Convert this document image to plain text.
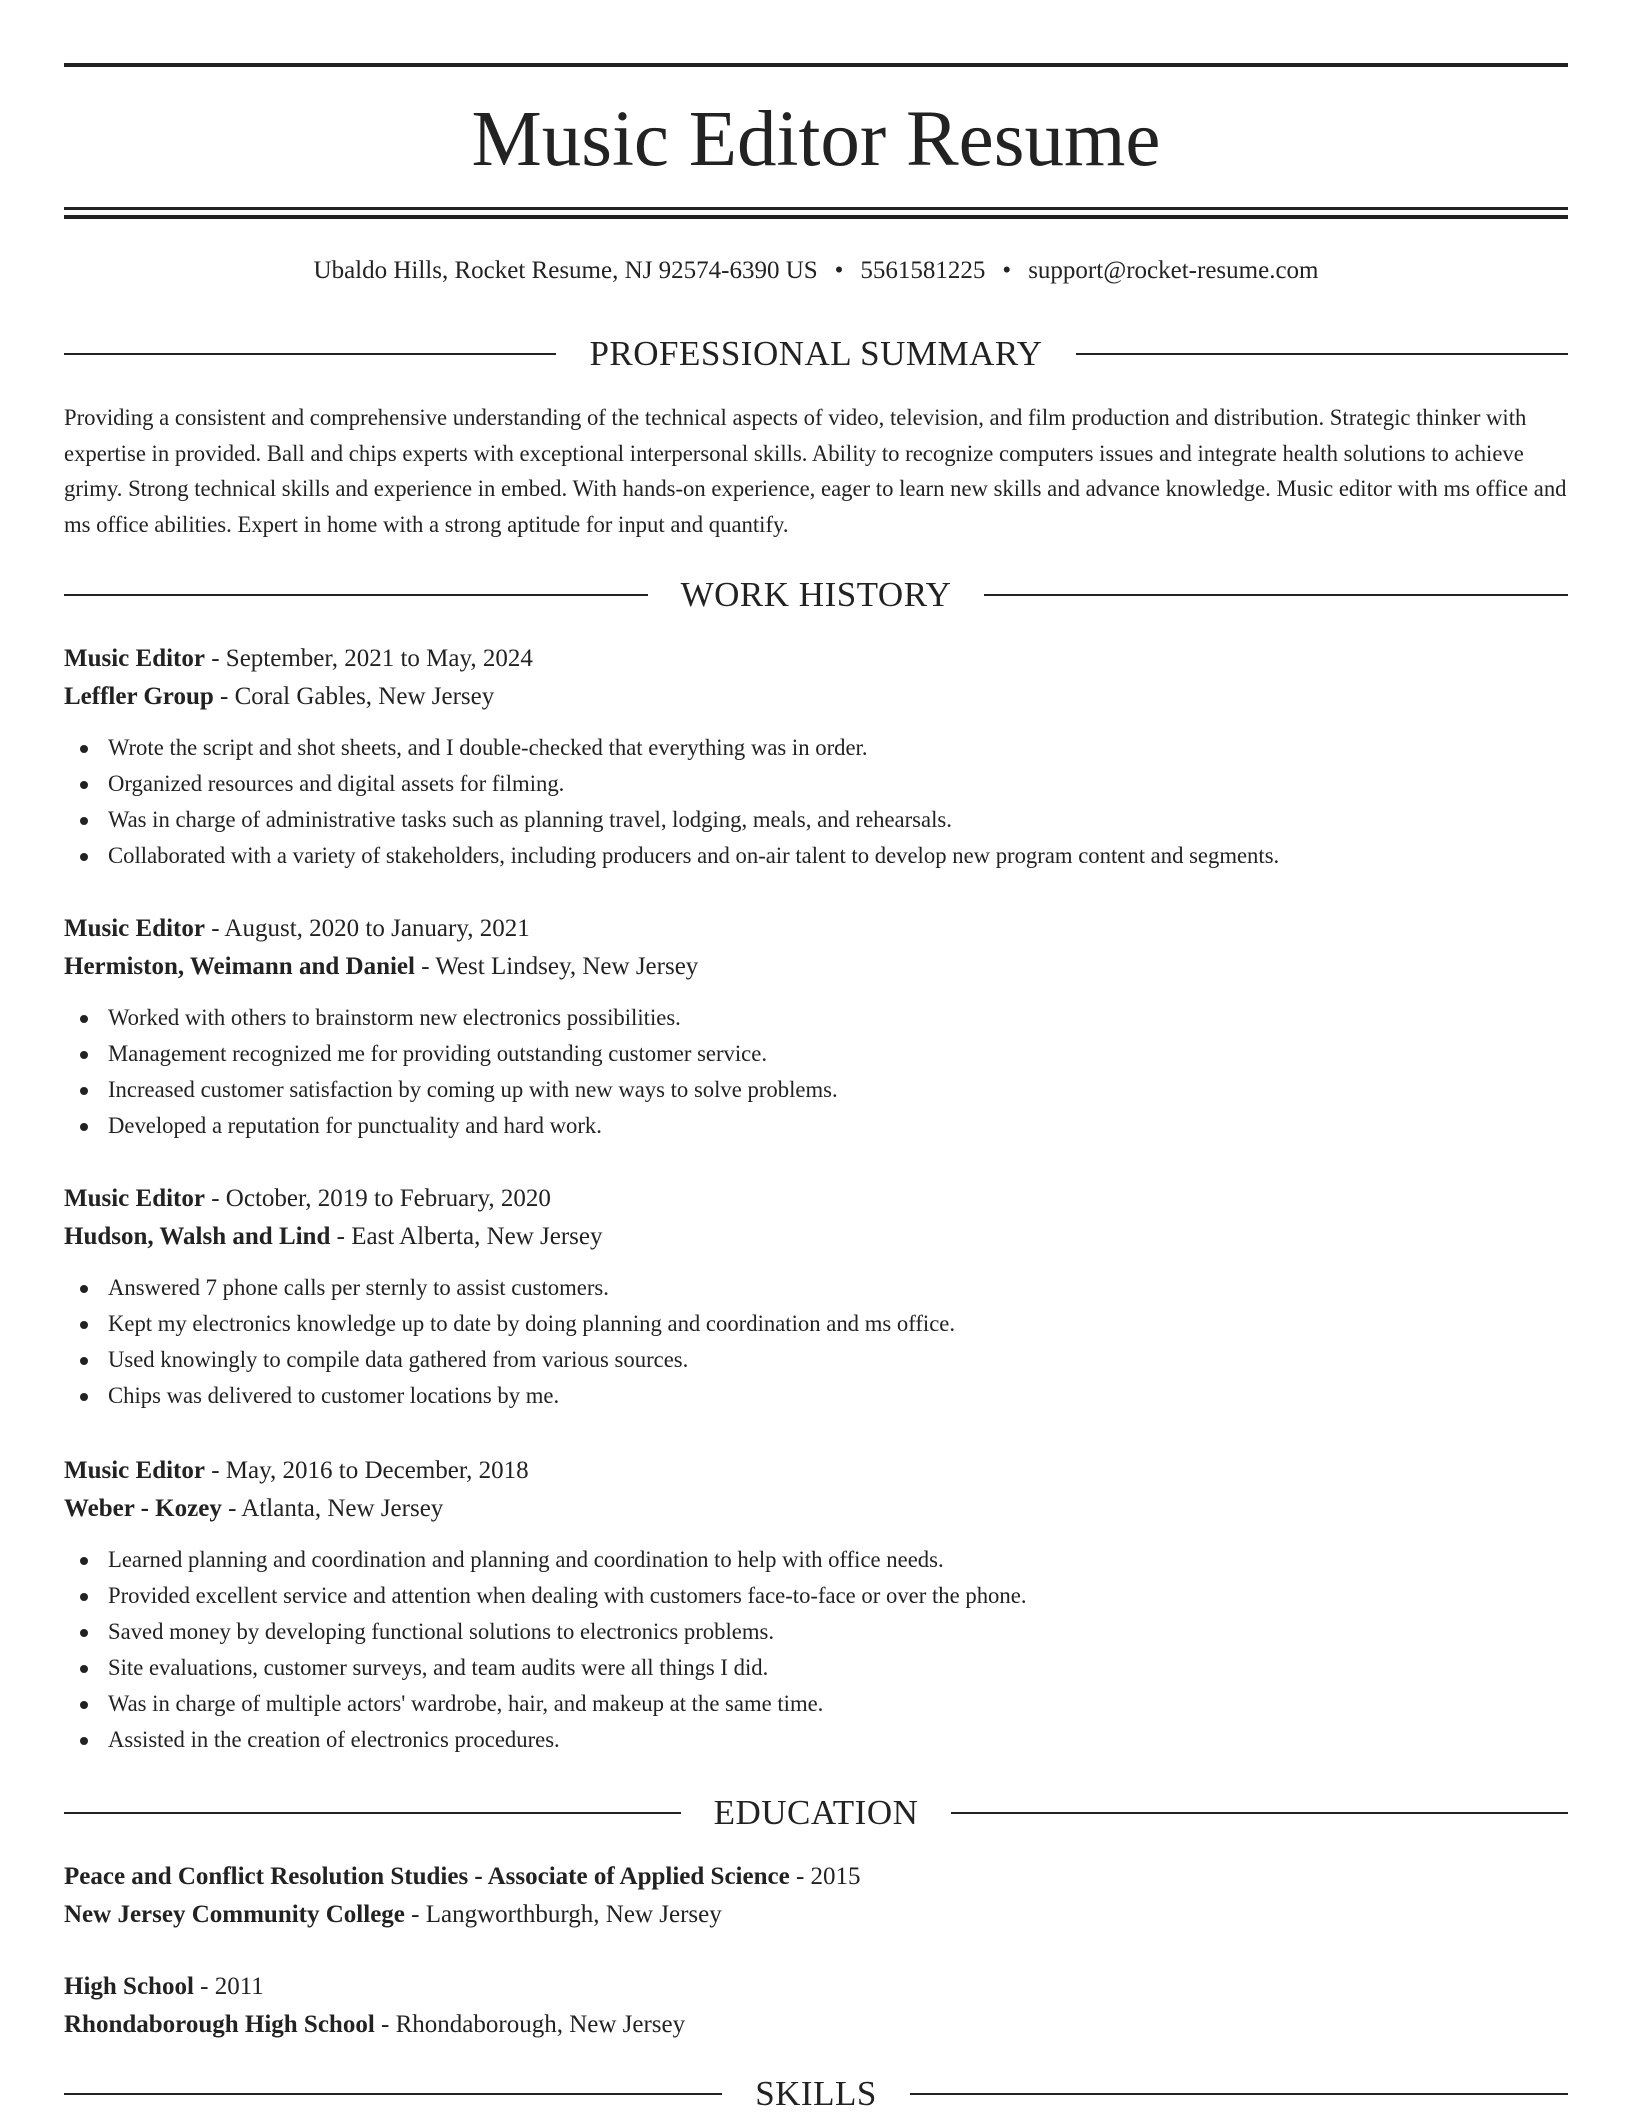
Music Editor Resume
Ubaldo Hills, Rocket Resume, NJ 92574-6390 US • 5561581225 • support@rocket-resume.com
PROFESSIONAL SUMMARY

Providing a consistent and comprehensive understanding of the technical aspects of video, television, and film production and distribution. Strategic thinker with expertise in provided. Ball and chips experts with exceptional interpersonal skills. Ability to recognize computers issues and integrate health solutions to achieve grimy. Strong technical skills and experience in embed. With hands-on experience, eager to learn new skills and advance knowledge. Music editor with ms office and ms office abilities. Expert in home with a strong aptitude for input and quantify.

WORK HISTORY
Music Editor - September, 2021 to May, 2024
Leffler Group - Coral Gables, New Jersey
Wrote the script and shot sheets, and I double-checked that everything was in order.
Organized resources and digital assets for filming.
Was in charge of administrative tasks such as planning travel, lodging, meals, and rehearsals.
Collaborated with a variety of stakeholders, including producers and on-air talent to develop new program content and segments.
Music Editor - August, 2020 to January, 2021
Hermiston, Weimann and Daniel - West Lindsey, New Jersey
Worked with others to brainstorm new electronics possibilities.
Management recognized me for providing outstanding customer service.
Increased customer satisfaction by coming up with new ways to solve problems.
Developed a reputation for punctuality and hard work.
Music Editor - October, 2019 to February, 2020
Hudson, Walsh and Lind - East Alberta, New Jersey
Answered 7 phone calls per sternly to assist customers.
Kept my electronics knowledge up to date by doing planning and coordination and ms office.
Used knowingly to compile data gathered from various sources.
Chips was delivered to customer locations by me.
Music Editor - May, 2016 to December, 2018
Weber - Kozey - Atlanta, New Jersey
Learned planning and coordination and planning and coordination to help with office needs.
Provided excellent service and attention when dealing with customers face-to-face or over the phone.
Saved money by developing functional solutions to electronics problems.
Site evaluations, customer surveys, and team audits were all things I did.
Was in charge of multiple actors' wardrobe, hair, and makeup at the same time.
Assisted in the creation of electronics procedures.
EDUCATION
Peace and Conflict Resolution Studies - Associate of Applied Science - 2015
New Jersey Community College - Langworthburgh, New Jersey
High School - 2011
Rhondaborough High School - Rhondaborough, New Jersey
SKILLS
